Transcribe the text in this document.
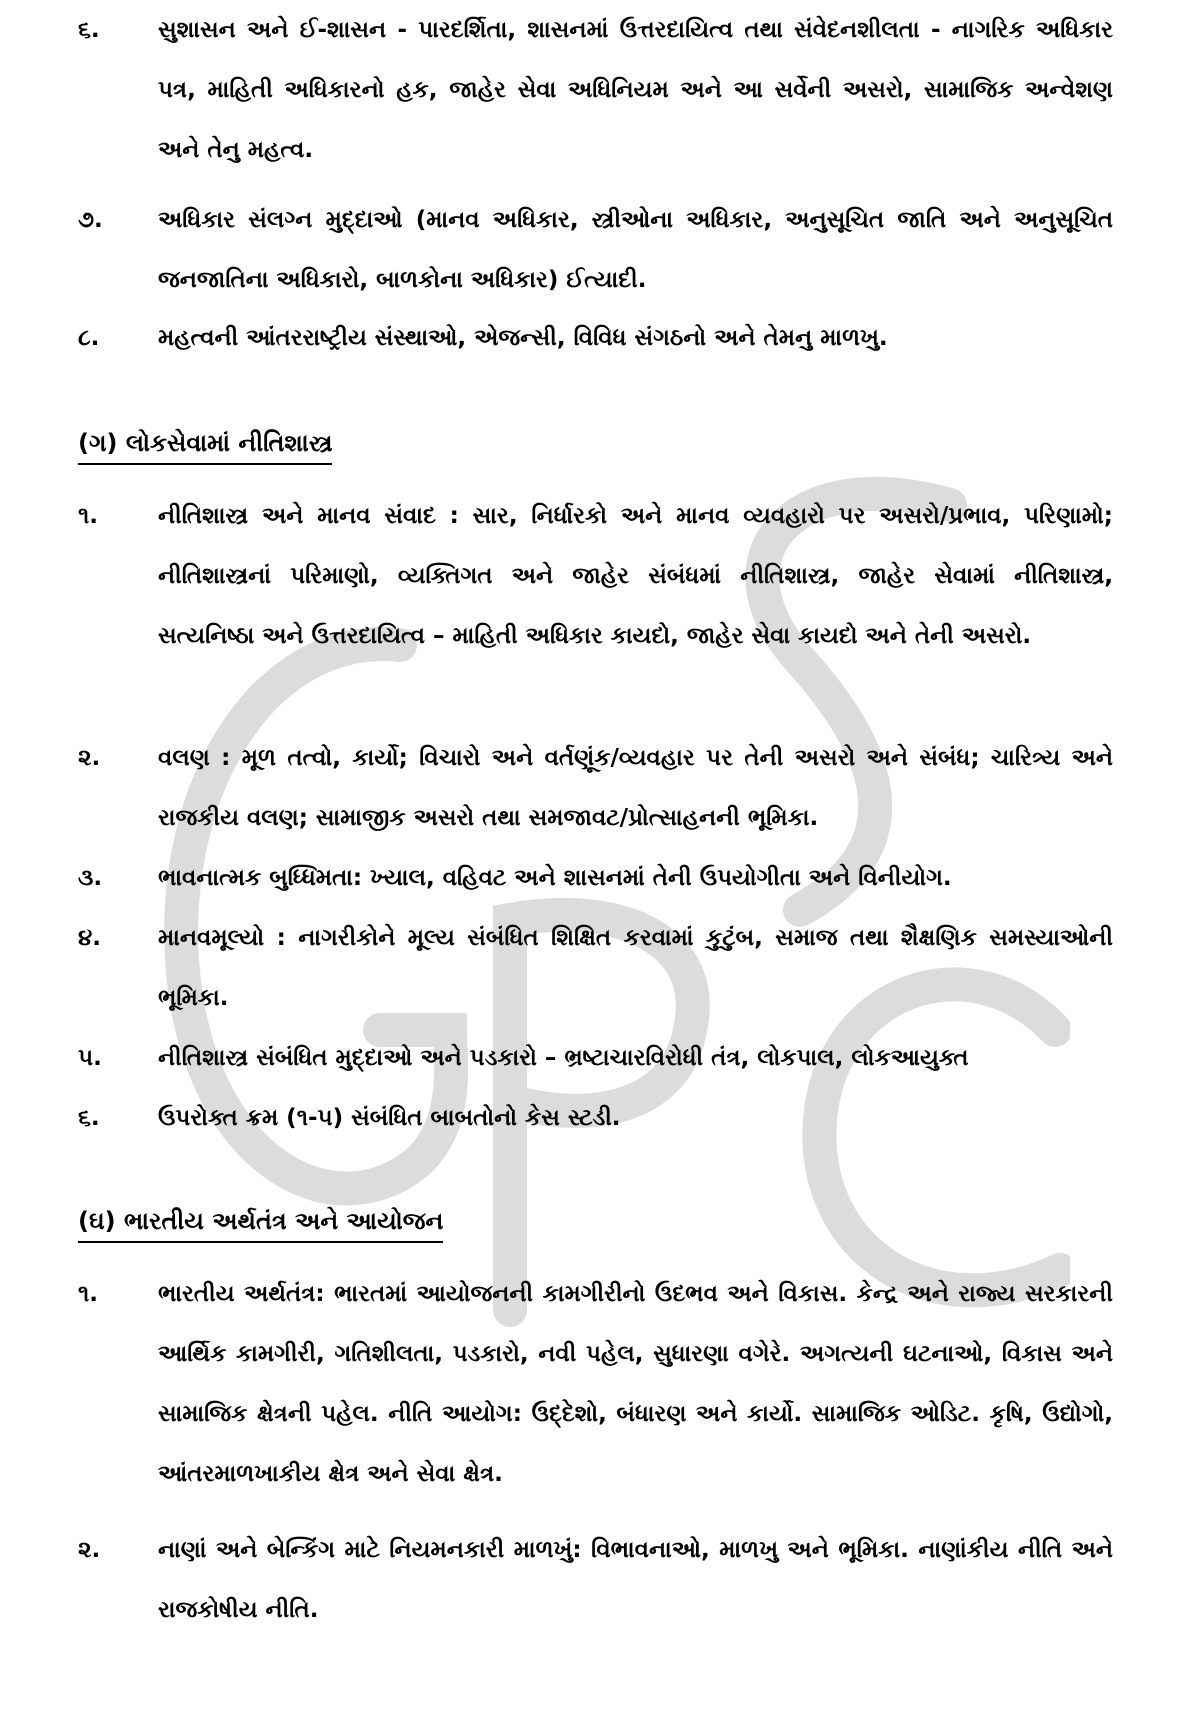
૬.	સુશાસન અને ઈ-શાસન - પારદર્શિતા, શાસનમાં ઉત્તરદાયિત્વ તથા સંવેદનશીલતા - નાગરિક અધિકાર પત્ર, માહિતી અધિકારનો હક, જાહેર સેવા અધિનિયમ અને આ સર્વેની અસરો, સામાજિક અન્વેશણ અને તેનુ મહત્વ.
૭.	અધિકાર સંલગ્ન મુદ્દાઓ (માનવ અધિકાર, સ્ત્રીઓના અધિકાર, અનુસૂચિત જાતિ અને અનુસૂચિત જનજાતિના અધિકારો, બાળકોના અધિકાર) ઈત્યાદી.
૮.	મહત્વની આંતરરાષ્ટ્રીય સંસ્થાઓ, એજન્સી, વિવિધ સંગઠનો અને તેમનુ માળખુ.
(ગ) લોકસેવામાં નીતિશાસ્ત્ર
૧.	નીતિશાસ્ત્ર અને માનવ સંવાદ : સાર, નિર્ધારકો અને માનવ વ્યવહારો પર અસરો/પ્રભાવ, પરિણામો; નીતિશાસ્ત્રનાં પરિમાણો, વ્યક્તિગત અને જાહેર સંબંધમાં નીતિશાસ્ત્ર, જાહેર સેવામાં નીતિશાસ્ત્ર, સત્યનિષ્ઠા અને ઉત્તરદાયિત્વ – માહિતી અધિકાર કાયદો, જાહેર સેવા કાયદો અને તેની અસરો.
૨.	વલણ : મૂળ તત્વો, કાર્યો; વિચારો અને વર્તણૂંક/વ્યવહાર પર તેની અસરો અને સંબંધ; ચારિત્ર્ય અને રાજકીય વલણ; સામાજીક અસરો તથા સમજાવટ/પ્રોત્સાહનની ભૂમિકા.
૩.	ભાવનાત્મક બુધ્ધિમતા: ખ્યાલ, વહિવટ અને શાસનમાં તેની ઉપયોગીતા અને વિનીયોગ.
૪.	માનવમૂલ્યો : નાગરીકોને મૂલ્ય સંબંધિત શિક્ષિત કરવામાં કુટુંબ, સમાજ તથા શૈક્ષણિક સમસ્યાઓની ભૂમિકા.
૫.	નીતિશાસ્ત્ર સંબંધિત મુદ્દાઓ અને પડકારો – ભ્રષ્ટાચારવિરોધી તંત્ર, લોકપાલ, લોકઆયુક્ત
૬.	ઉપરોક્ત ક્રમ (૧-૫) સંબંધિત બાબતોનો કેસ સ્ટડી.
(ઘ) ભારતીય અર્થતંત્ર અને આયોજન
૧.	ભારતીય અર્થતંત્ર: ભારતમાં આયોજનની કામગીરીનો ઉદભવ અને વિકાસ. કેન્દ્ર અને રાજ્ય સરકારની આર્થિક કામગીરી, ગતિશીલતા, પડકારો, નવી પહેલ, સુધારણા વગેરે. અગત્યની ઘટનાઓ, વિકાસ અને સામાજિક ક્ષેત્રની પહેલ. નીતિ આયોગ: ઉદ્દેશો, બંધારણ અને કાર્યો. સામાજિક ઓડિટ. કૃષિ, ઉદ્યોગો, આંતરમાળખાકીય ક્ષેત્ર અને સેવા ક્ષેત્ર.
૨.	નાણાં અને બેન્કિંગ માટે નિયમનકારી માળખું: વિભાવનાઓ, માળખુ અને ભૂમિકા. નાણાંકીય નીતિ અને રાજકોષીય નીતિ.
